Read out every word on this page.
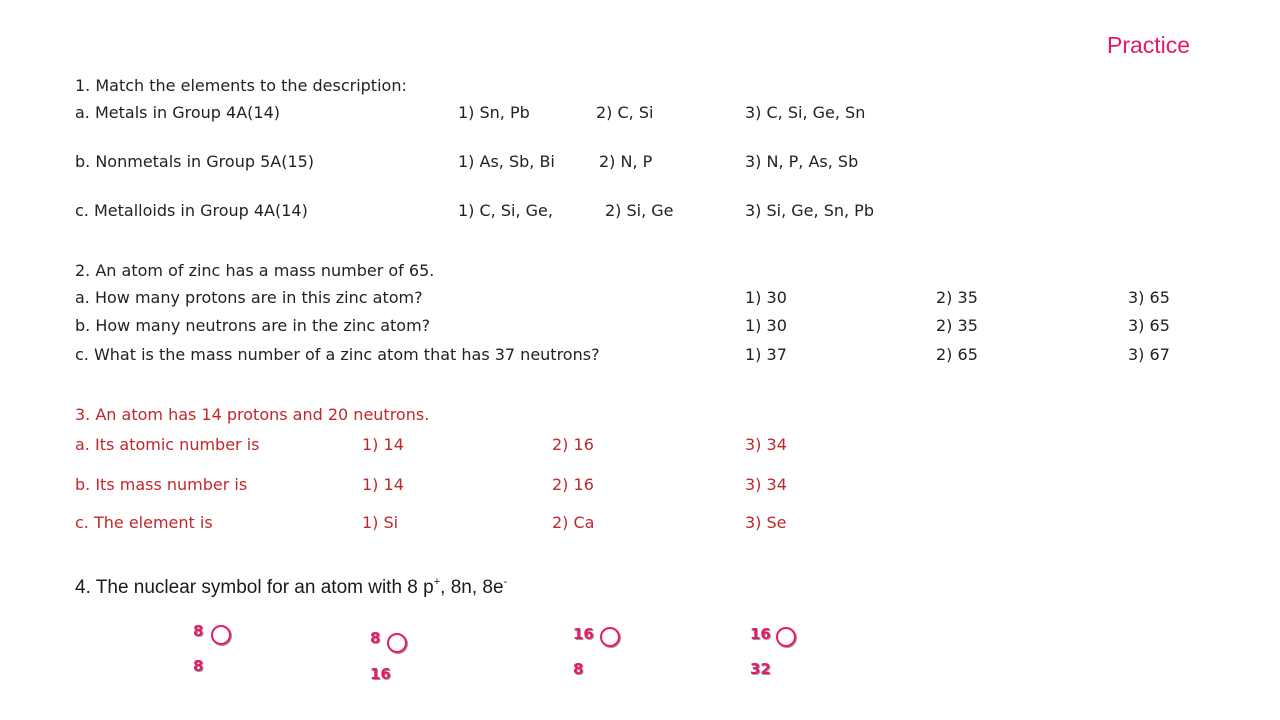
Practice
1. Match the elements to the description:
a. Metals in Group 4A(14)	1) Sn, Pb	2) C, Si	3) C, Si, Ge, Sn
b. Nonmetals in Group 5A(15)	1) As, Sb, Bi	2) N, P	3) N, P, As, Sb
c. Metalloids in Group 4A(14)	1) C, Si, Ge,	2) Si, Ge	3) Si, Ge, Sn, Pb
2. An atom of zinc has a mass number of 65.
a. How many protons are in this zinc atom?	1) 30	2) 35	3) 65
b. How many neutrons are in the zinc atom?	1) 30	2) 35	3) 65
c. What is the mass number of a zinc atom that has 37 neutrons?	1) 37	2) 65	3) 67
3. An atom has 14 protons and 20 neutrons.
a. Its atomic number is	1) 14	2) 16	3) 34
b. Its mass number is	1) 14	2) 16	3) 34
c. The element is	1) Si	2) Ca	3) Se
4. The nuclear symbol for an atom with 8 p+, 8n, 8e-
8
8
8
16
16
8
16
32
